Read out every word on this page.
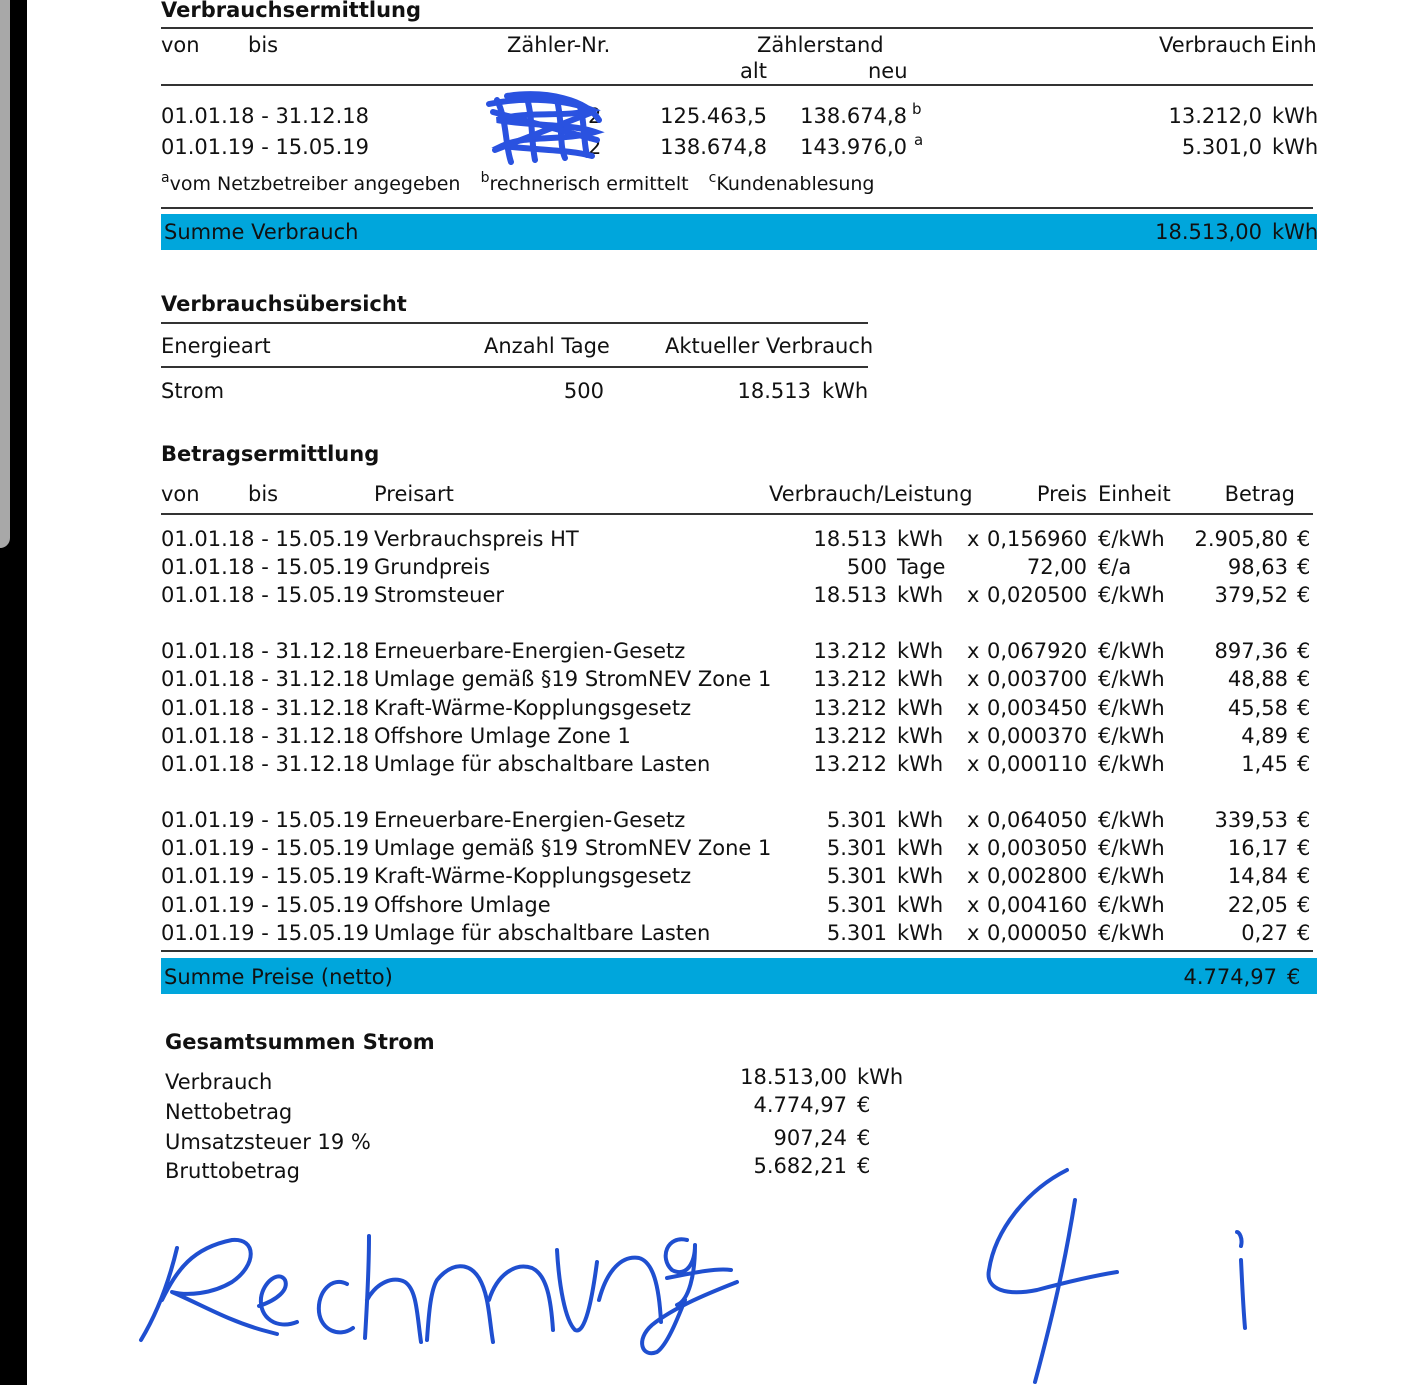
Verbrauchsermittlung
von bis	Zähler-Nr.	Zählerstand
alt	neu
Verbrauch Einh
01.01.18 - 31.12.18	2	125.463,5	138.674,8 b	13.212,0 kWh
01.01.19 - 15.05.19	2	138.674,8	143.976,0 a	5.301,0 kWh
$^a$vom Netzbetreiber angegeben $^b$rechnerisch ermittelt $^c$Kundenablesung
Summe Verbrauch	18.513,00 kWh
Verbrauchsübersicht
Energieart	Anzahl Tage	Aktueller Verbrauch
Strom	500	18.513 kWh
Betragsermittlung
von bis	Preisart	Verbrauch/Leistung	Preis Einheit	Betrag
01.01.18 - 15.05.19 Verbrauchspreis HT	18.513 kWh x 0,156960 €/kWh	2.905,80 €
01.01.18 - 15.05.19 Grundpreis	500 Tage	72,00 €/a	98,63 €
01.01.18 - 15.05.19 Stromsteuer	18.513 kWh x 0,020500 €/kWh	379,52 €
01.01.18 - 31.12.18 Erneuerbare-Energien-Gesetz	13.212 kWh x 0,067920 €/kWh	897,36 €
01.01.18 - 31.12.18 Umlage gemäß §19 StromNEV Zone 1	13.212 kWh x 0,003700 €/kWh	48,88 €
01.01.18 - 31.12.18 Kraft-Wärme-Kopplungsgesetz	13.212 kWh x 0,003450 €/kWh	45,58 €
01.01.18 - 31.12.18 Offshore Umlage Zone 1	13.212 kWh x 0,000370 €/kWh	4,89 €
01.01.18 - 31.12.18 Umlage für abschaltbare Lasten	13.212 kWh x 0,000110 €/kWh	1,45 €
01.01.19 - 15.05.19 Erneuerbare-Energien-Gesetz	5.301 kWh x 0,064050 €/kWh	339,53 €
01.01.19 - 15.05.19 Umlage gemäß §19 StromNEV Zone 1	5.301 kWh x 0,003050 €/kWh	16,17 €
01.01.19 - 15.05.19 Kraft-Wärme-Kopplungsgesetz	5.301 kWh x 0,002800 €/kWh	14,84 €
01.01.19 - 15.05.19 Offshore Umlage	5.301 kWh x 0,004160 €/kWh	22,05 €
01.01.19 - 15.05.19 Umlage für abschaltbare Lasten	5.301 kWh x 0,000050 €/kWh	0,27 €
Summe Preise (netto)	4.774,97 €
Gesamtsummen Strom
Verbrauch	18.513,00 kWh
Nettobetrag	4.774,97 €
Umsatzsteuer 19 %	907,24 €
Bruttobetrag	5.682,21 €
